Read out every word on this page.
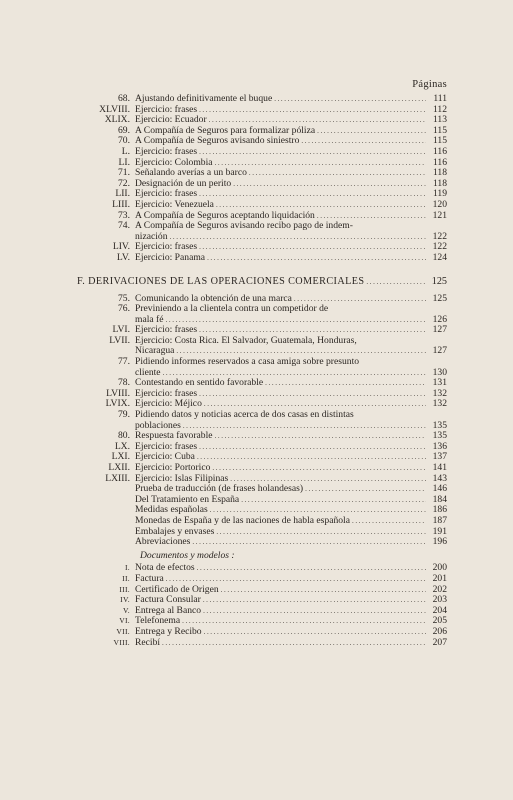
Páginas
68. Ajustando definitivamente el buque .....	111
XLVIII. Ejercicio: frases .....	112
XLIX. Ejercicio: Ecuador .....	113
69. A Compañía de Seguros para formalizar póliza .....	115
70. A Compañía de Seguros avisando siniestro .....	115
L. Ejercicio: frases .....	116
LI. Ejercicio: Colombia .....	116
71. Señalando averías a un barco .....	118
72. Designación de un perito .....	118
LII. Ejercicio: frases .....	119
LIII. Ejercicio: Venezuela .....	120
73. A Compañía de Seguros aceptando liquidación .....	121
74. A Compañía de Seguros avisando recibo pago de indem-
nización .....	122
LIV. Ejercicio: frases .....	122
LV. Ejercicio: Panama .....	124
F. DERIVACIONES DE LAS OPERACIONES COMERCIALES .....	125
75. Comunicando la obtención de una marca .....	125
76. Previniendo a la clientela contra un competidor de
mala fé .....	126
LVI. Ejercicio: frases .....	127
LVII. Ejercicio: Costa Rica. El Salvador, Guatemala, Honduras,
Nicaragua .....	127
77. Pidiendo informes reservados a casa amiga sobre presunto
cliente .....	130
78. Contestando en sentido favorable .....	131
LVIII. Ejercicio: frases .....	132
LVIX. Ejercicio: Méjico .....	132
79. Pidiendo datos y noticias acerca de dos casas en distintas
poblaciones .....	135
80. Respuesta favorable .....	135
LX. Ejercicio: frases .....	136
LXI. Ejercicio: Cuba .....	137
LXII. Ejercicio: Portorico .....	141
LXIII. Ejercicio: Islas Filipinas .....	143
Prueba de traducción (de frases holandesas) .....	146
Del Tratamiento en España .....	184
Medidas españolas .....	186
Monedas de España y de las naciones de habla española .....	187
Embalajes y envases .....	191
Abreviaciones .....	196
Documentos y modelos :
I. Nota de efectos .....	200
II. Factura .....	201
III. Certificado de Origen .....	202
IV. Factura Consular .....	203
V. Entrega al Banco .....	204
VI. Telefonema .....	205
VII. Entrega y Recibo .....	206
VIII. Recibí .....	207
